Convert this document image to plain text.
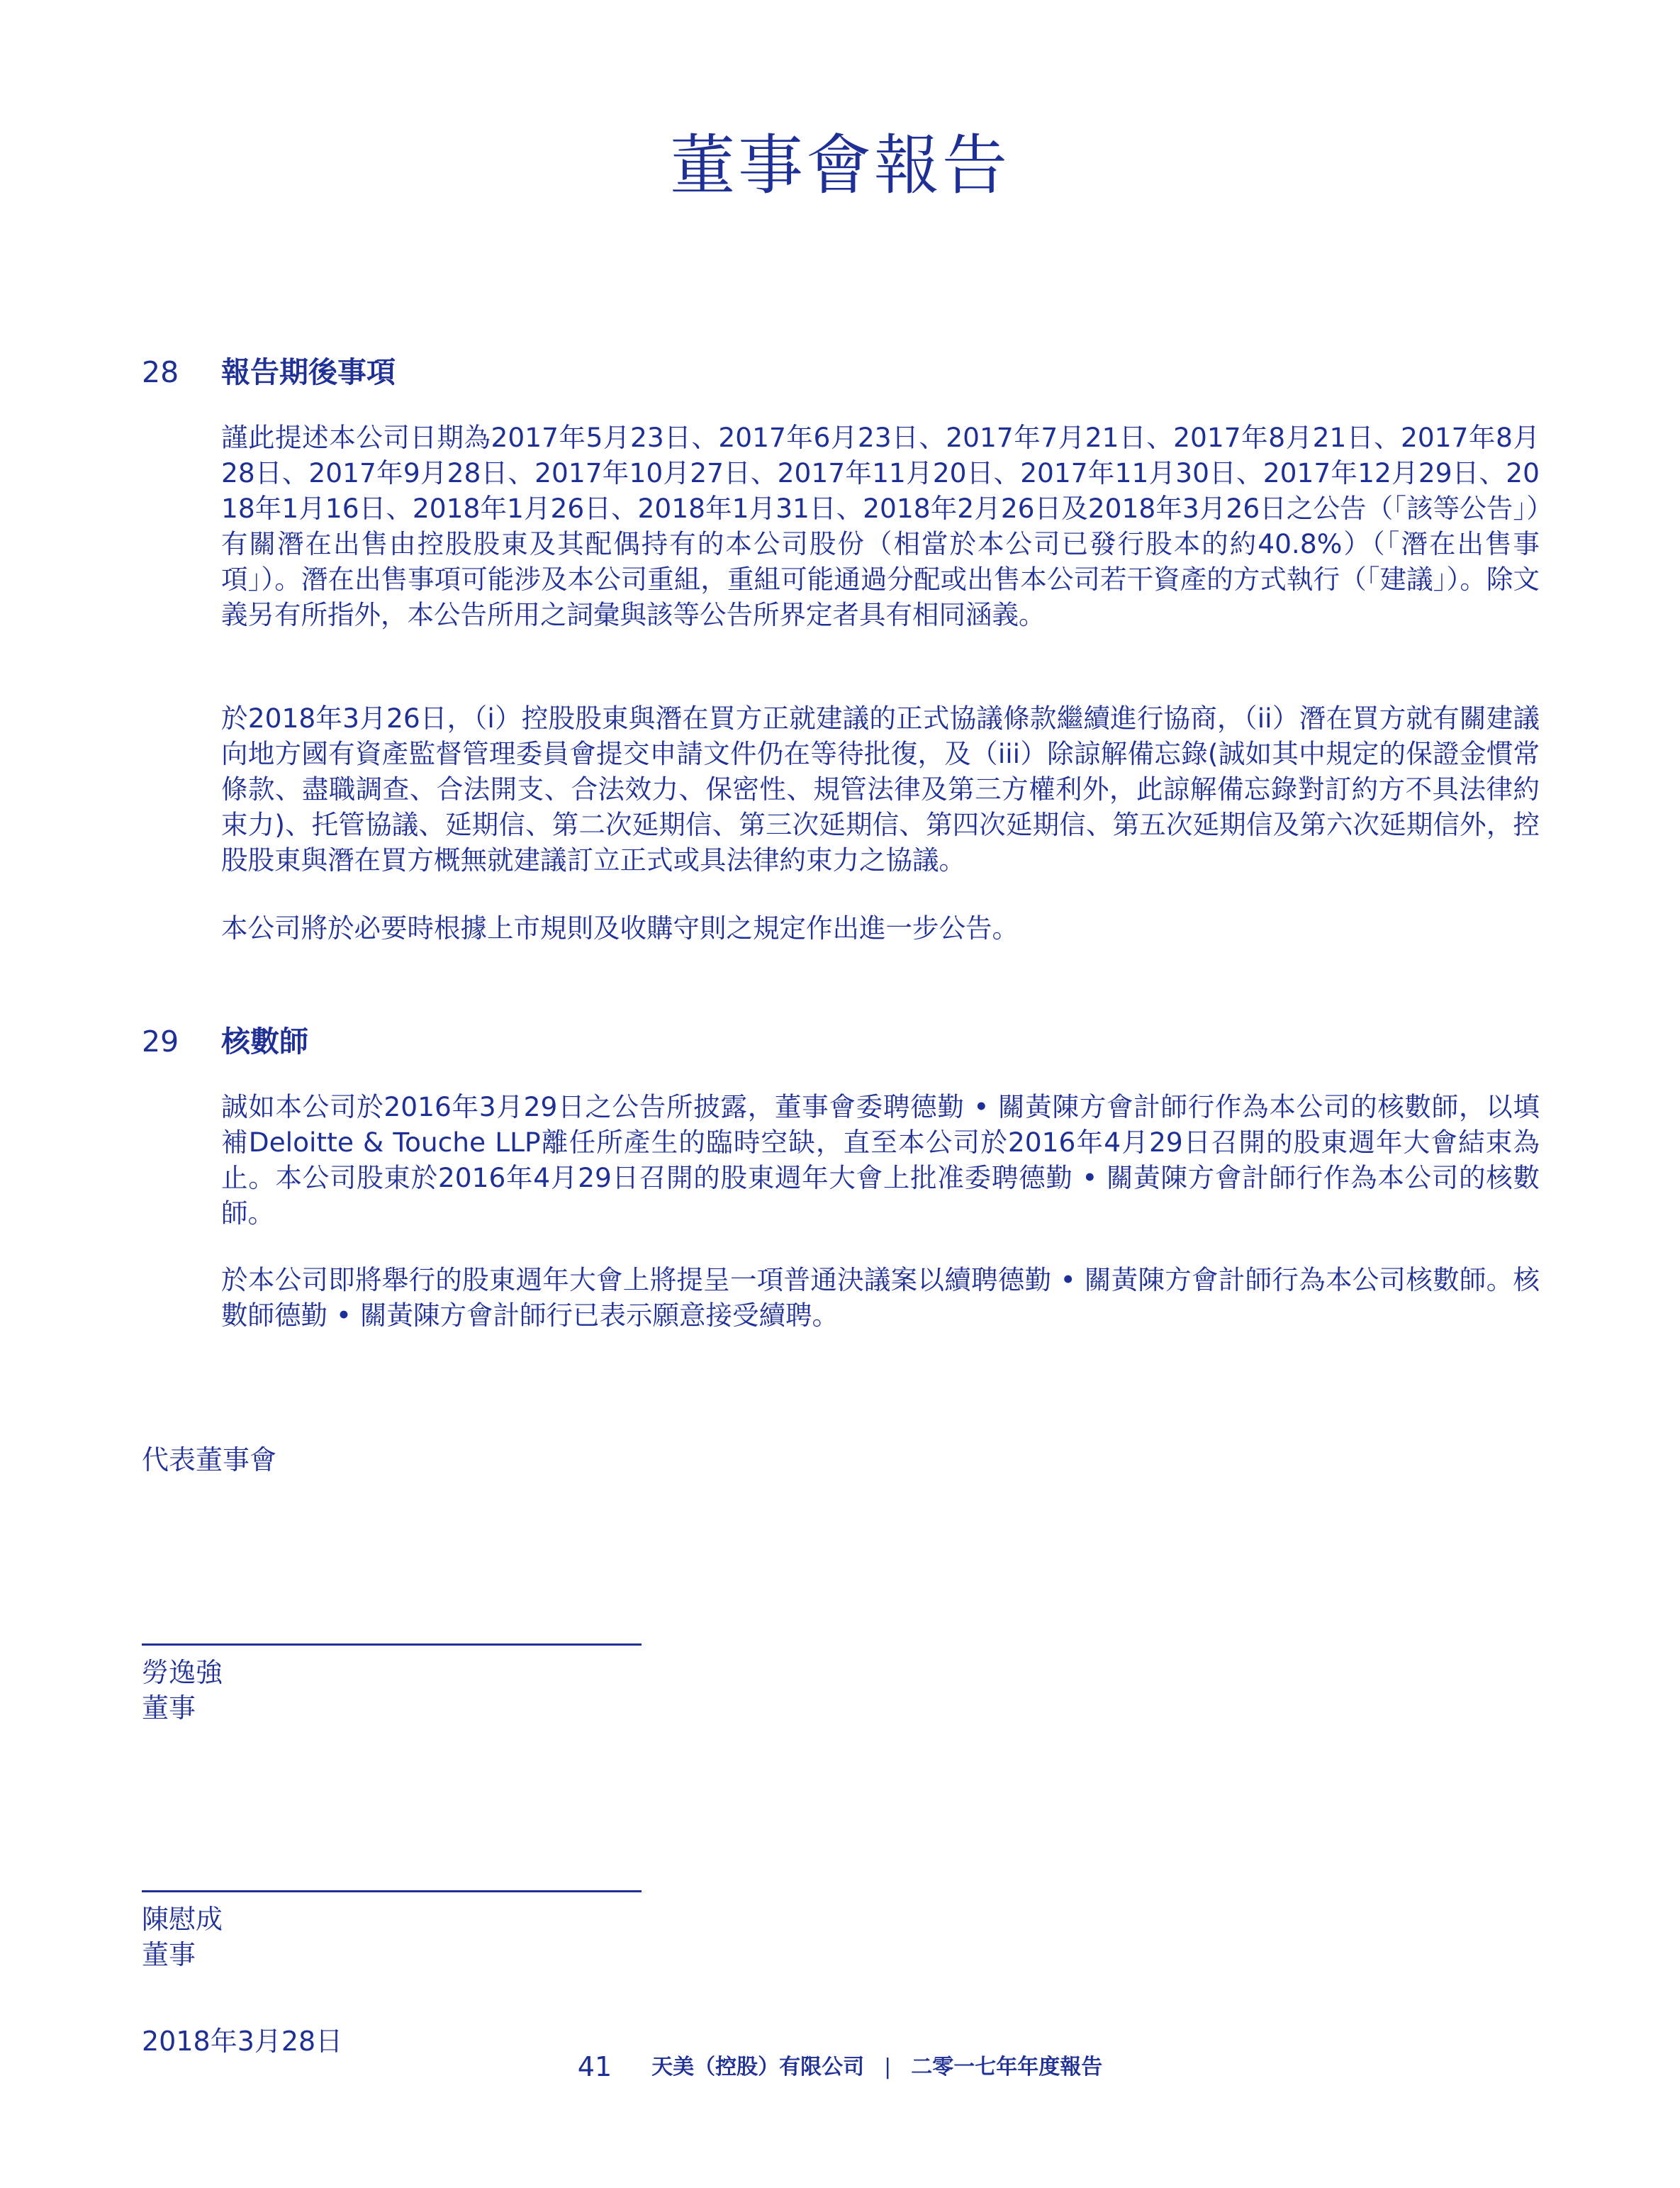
董事會報告
28 報告期後事項

謹此提述本公司日期為2017年5月23日、2017年6月23日、2017年7月21日、2017年8月21日、2017年8月28日、2017年9月28日、2017年10月27日、2017年11月20日、2017年11月30日、2017年12月29日、2018年1月16日、2018年1月26日、2018年1月31日、2018年2月26日及2018年3月26日之公告（「該等公告」）有關潛在出售由控股股東及其配偶持有的本公司股份（相當於本公司已發行股本的約40.8%）（「潛在出售事項」）。潛在出售事項可能涉及本公司重組，重組可能通過分配或出售本公司若干資產的方式執行（「建議」）。除文義另有所指外，本公告所用之詞彙與該等公告所界定者具有相同涵義。

於2018年3月26日，（i）控股股東與潛在買方正就建議的正式協議條款繼續進行協商，（ii）潛在買方就有關建議向地方國有資產監督管理委員會提交申請文件仍在等待批復，及（iii）除諒解備忘錄(誠如其中規定的保證金慣常條款、盡職調查、合法開支、合法效力、保密性、規管法律及第三方權利外，此諒解備忘錄對訂約方不具法律約束力)、托管協議、延期信、第二次延期信、第三次延期信、第四次延期信、第五次延期信及第六次延期信外，控股股東與潛在買方概無就建議訂立正式或具法律約束力之協議。

本公司將於必要時根據上市規則及收購守則之規定作出進一步公告。

29 核數師

誠如本公司於2016年3月29日之公告所披露，董事會委聘德勤 • 關黃陳方會計師行作為本公司的核數師，以填補Deloitte & Touche LLP離任所產生的臨時空缺，直至本公司於2016年4月29日召開的股東週年大會結束為止。本公司股東於2016年4月29日召開的股東週年大會上批准委聘德勤 • 關黃陳方會計師行作為本公司的核數師。

於本公司即將舉行的股東週年大會上將提呈一項普通決議案以續聘德勤 • 關黃陳方會計師行為本公司核數師。核數師德勤 • 關黃陳方會計師行已表示願意接受續聘。

代表董事會

勞逸強

董事

陳慰成

董事

2018年3月28日

41 天美（控股）有限公司 | 二零一七年年度報告
